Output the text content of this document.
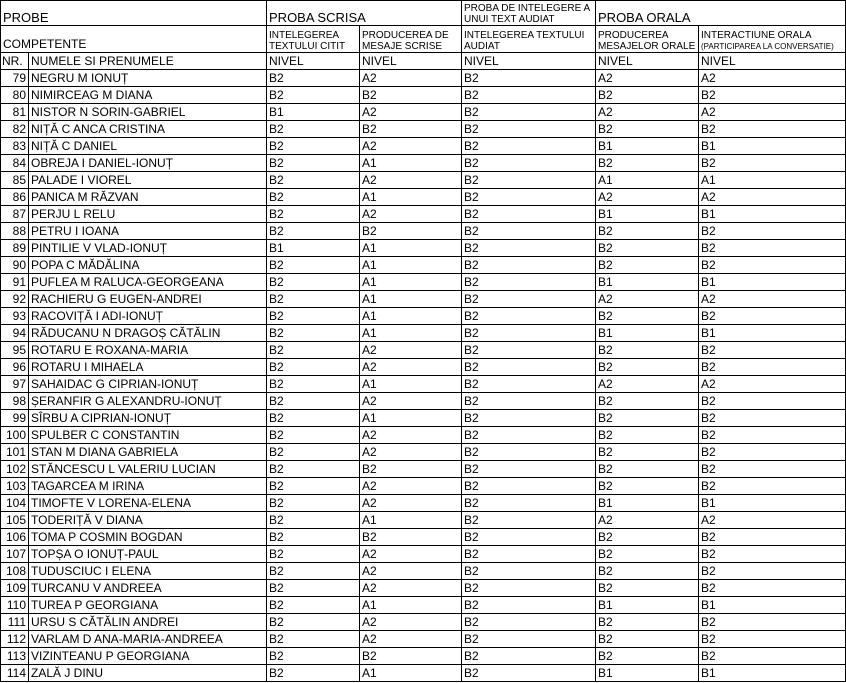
PROBE		PROBA SCRISA		PROBA DE INTELEGERE A UNUI TEXT AUDIAT	PROBA ORALA	
COMPETENTE		INTELEGEREA TEXTULUI CITIT	PRODUCEREA DE MESAJE SCRISE	INTELEGEREA TEXTULUI AUDIAT	PRODUCEREA MESAJELOR ORALE	INTERACTIUNE ORALA
(PARTICIPAREA LA CONVERSATIE)
NR.	NUMELE SI PRENUMELE	NIVEL	NIVEL	NIVEL	NIVEL	NIVEL
79	NEGRU M IONUȚ	B2	A2	B2	A2	A2
80	NIMIRCEAG M DIANA	B2	B2	B2	B2	B2
81	NISTOR N SORIN-GABRIEL	B1	A2	B2	A2	A2
82	NIȚĂ C ANCA CRISTINA	B2	B2	B2	B2	B2
83	NIȚĂ C DANIEL	B2	A2	B2	B1	B1
84	OBREJA I DANIEL-IONUȚ	B2	A1	B2	B2	B2
85	PALADE I VIOREL	B2	A2	B2	A1	A1
86	PANICA M RĂZVAN	B2	A1	B2	A2	A2
87	PERJU L RELU	B2	A2	B2	B1	B1
88	PETRU I IOANA	B2	B2	B2	B2	B2
89	PINTILIE V VLAD-IONUȚ	B1	A1	B2	B2	B2
90	POPA C MĂDĂLINA	B2	A1	B2	B2	B2
91	PUFLEA M RALUCA-GEORGEANA	B2	A1	B2	B1	B1
92	RACHIERU G EUGEN-ANDREI	B2	A1	B2	A2	A2
93	RACOVIȚĂ I ADI-IONUȚ	B2	A1	B2	B2	B2
94	RĂDUCANU N DRAGOȘ CĂTĂLIN	B2	A1	B2	B1	B1
95	ROTARU E ROXANA-MARIA	B2	A2	B2	B2	B2
96	ROTARU I MIHAELA	B2	A2	B2	B2	B2
97	SAHAIDAC G CIPRIAN-IONUȚ	B2	A1	B2	A2	A2
98	ȘERANFIR G ALEXANDRU-IONUȚ	B2	A2	B2	B2	B2
99	SÎRBU A CIPRIAN-IONUȚ	B2	A1	B2	B2	B2
100	SPULBER C CONSTANTIN	B2	A2	B2	B2	B2
101	STAN M DIANA GABRIELA	B2	A2	B2	B2	B2
102	STĂNCESCU L VALERIU LUCIAN	B2	B2	B2	B2	B2
103	TAGARCEA M IRINA	B2	A2	B2	B2	B2
104	TIMOFTE V LORENA-ELENA	B2	A2	B2	B1	B1
105	TODERIȚĂ V DIANA	B2	A1	B2	A2	A2
106	TOMA P COSMIN BOGDAN	B2	B2	B2	B2	B2
107	TOPȘA O IONUȚ-PAUL	B2	A2	B2	B2	B2
108	TUDUSCIUC I ELENA	B2	A2	B2	B2	B2
109	TURCANU V ANDREEA	B2	A2	B2	B2	B2
110	TUREA P GEORGIANA	B2	A1	B2	B1	B1
111	URSU S CĂTĂLIN ANDREI	B2	A2	B2	B2	B2
112	VARLAM D ANA-MARIA-ANDREEA	B2	A2	B2	B2	B2
113	VIZINTEANU P GEORGIANA	B2	B2	B2	B2	B2
114	ZALĂ J DINU	B2	A1	B2	B1	B1
